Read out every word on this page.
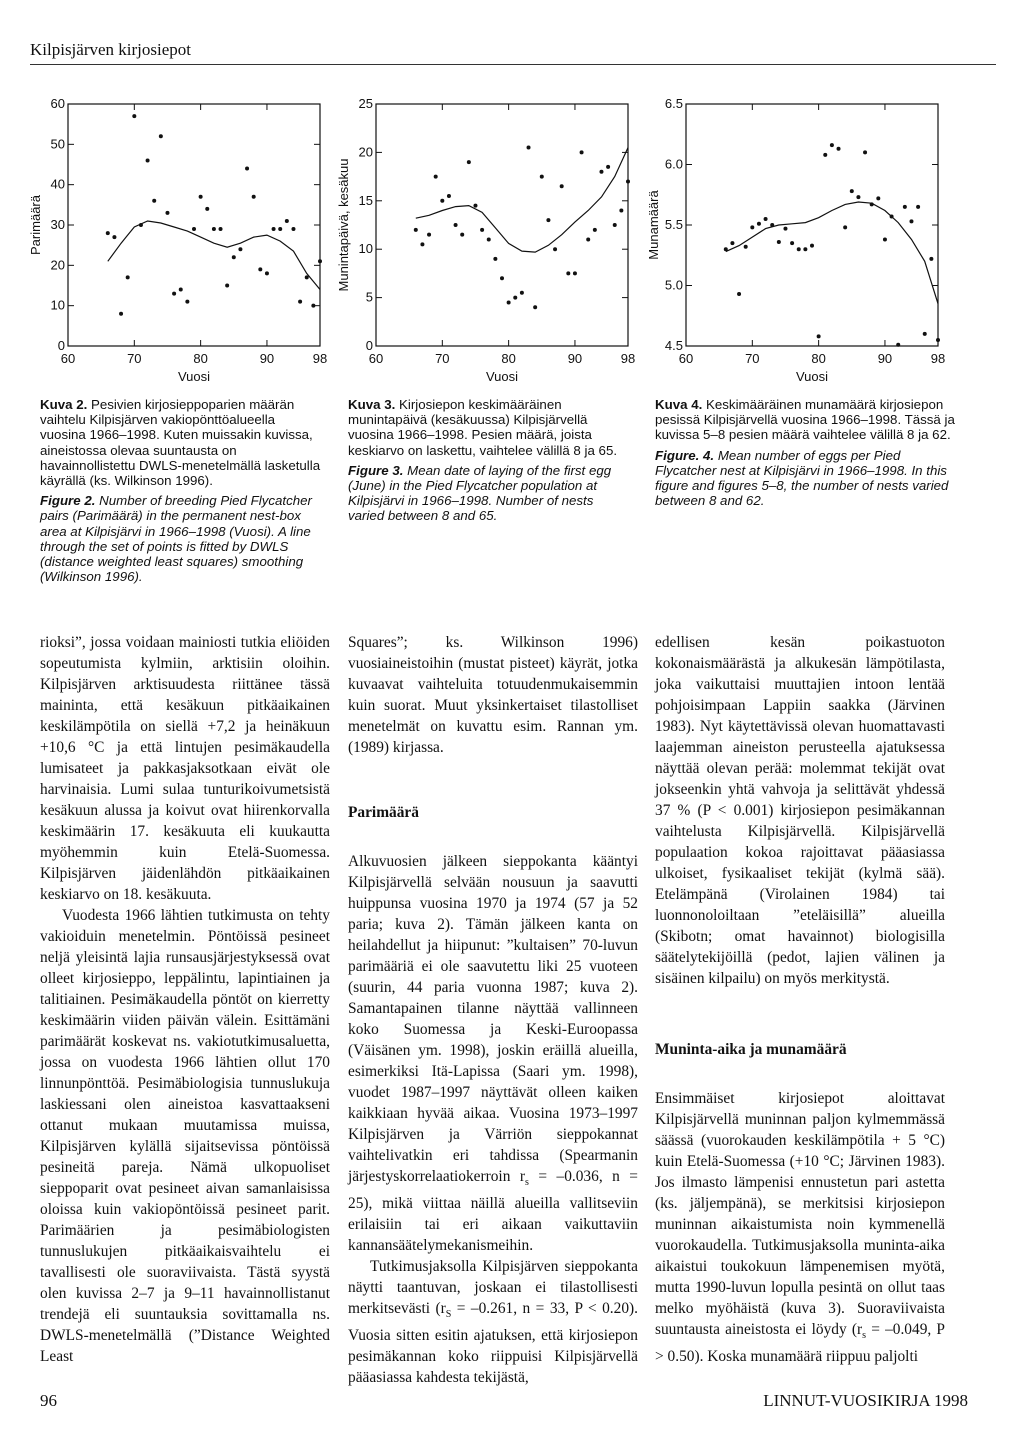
Kilpisjärven kirjosiepot
60	70	80	90	98
0
10
20
30
40
50
60
Vuosi
Parimäärä
60	70	80	90	98
0
5
10
15
20
25
Vuosi
Munintapäivä, kesäkuu
60	70	80	90	98
4.5
5.0
5.5
6.0
6.5
Vuosi
Munamäärä

Kuva 2. Pesivien kirjosieppoparien määrän vaihtelu Kilpisjärven vakiopönttöalueella vuosina 1966–1998. Kuten muissakin kuvissa, aineistossa olevaa suuntausta on havainnollistettu DWLS-menetelmällä lasketulla käyrällä (ks. Wilkinson 1996).

Figure 2. Number of breeding Pied Flycatcher pairs (Parimäärä) in the permanent nest-box area at Kilpisjärvi in 1966–1998 (Vuosi). A line through the set of points is fitted by DWLS (distance weighted least squares) smoothing (Wilkinson 1996).

Kuva 3. Kirjosiepon keskimääräinen munintapäivä (kesäkuussa) Kilpisjärvellä vuosina 1966–1998. Pesien määrä, joista keskiarvo on laskettu, vaihtelee välillä 8 ja 65.

Figure 3. Mean date of laying of the first egg (June) in the Pied Flycatcher population at Kilpisjärvi in 1966–1998. Number of nests varied between 8 and 65.

Kuva 4. Keskimääräinen munamäärä kirjosiepon pesissä Kilpisjärvellä vuosina 1966–1998. Tässä ja kuvissa 5–8 pesien määrä vaihtelee välillä 8 ja 62.

Figure. 4. Mean number of eggs per Pied Flycatcher nest at Kilpisjärvi in 1966–1998. In this figure and figures 5–8, the number of nests varied between 8 and 62.

rioksi”, jossa voidaan mainiosti tutkia eliöiden sopeutumista kylmiin, arktisiin oloihin. Kilpisjärven arktisuudesta riittänee tässä maininta, että kesäkuun pitkäaikainen keskilämpötila on siellä +7,2 ja heinäkuun +10,6 °C ja että lintujen pesimäkaudella lumisateet ja pakkasjaksotkaan eivät ole harvinaisia. Lumi sulaa tunturikoivumetsistä kesäkuun alussa ja koivut ovat hiirenkorvalla keskimäärin 17. kesäkuuta eli kuukautta myöhemmin kuin Etelä-Suomessa. Kilpisjärven jäidenlähdön pitkäaikainen keskiarvo on 18. kesäkuuta.

Vuodesta 1966 lähtien tutkimusta on tehty vakioiduin menetelmin. Pöntöissä pesineet neljä yleisintä lajia runsausjärjestyksessä ovat olleet kirjosieppo, leppälintu, lapintiainen ja talitiainen. Pesimäkaudella pöntöt on kierretty keskimäärin viiden päivän välein. Esittämäni parimäärät koskevat ns. vakiotutkimusaluetta, jossa on vuodesta 1966 lähtien ollut 170 linnunpönttöä. Pesimäbiologisia tunnuslukuja laskiessani olen aineistoa kasvattaakseni ottanut mukaan muutamissa muissa, Kilpisjärven kylällä sijaitsevissa pöntöissä pesineitä pareja. Nämä ulkopuoliset sieppoparit ovat pesineet aivan samanlaisissa oloissa kuin vakiopöntöissä pesineet parit. Parimäärien ja pesimäbiologisten tunnuslukujen pitkäaikaisvaihtelu ei tavallisesti ole suoraviivaista. Tästä syystä olen kuvissa 2–7 ja 9–11 havainnollistanut trendejä eli suuntauksia sovittamalla ns. DWLS-menetelmällä (”Distance Weighted Least

Squares”; ks. Wilkinson 1996) vuosiaineistoihin (mustat pisteet) käyrät, jotka kuvaavat vaihteluita totuudenmukaisemmin kuin suorat. Muut yksinkertaiset tilastolliset menetelmät on kuvattu esim. Rannan ym. (1989) kirjassa.

Parimäärä

Alkuvuosien jälkeen sieppokanta kääntyi Kilpisjärvellä selvään nousuun ja saavutti huippunsa vuosina 1970 ja 1974 (57 ja 52 paria; kuva 2). Tämän jälkeen kanta on heilahdellut ja hiipunut: ”kultaisen” 70-luvun parimääriä ei ole saavutettu liki 25 vuoteen (suurin, 44 paria vuonna 1987; kuva 2). Samantapainen tilanne näyttää vallinneen koko Suomessa ja Keski-Euroopassa (Väisänen ym. 1998), joskin eräillä alueilla, esimerkiksi Itä-Lapissa (Saari ym. 1998), vuodet 1987–1997 näyttävät olleen kaiken kaikkiaan hyvää aikaa. Vuosina 1973–1997 Kilpisjärven ja Värriön sieppokannat vaihtelivatkin eri tahdissa (Spearmanin järjestyskorrelaatiokerroin $r_s = -0.036$, n = 25), mikä viittaa näillä alueilla vallitseviin erilaisiin tai eri aikaan vaikuttaviin kannansäätelymekanismeihin.

Tutkimusjaksolla Kilpisjärven sieppokanta näytti taantuvan, joskaan ei tilastollisesti merkitsevästi ($r_S = -0.261$, n = 33, P < 0.20). Vuosia sitten esitin ajatuksen, että kirjosiepon pesimäkannan koko riippuisi Kilpisjärvellä pääasiassa kahdesta tekijästä,

edellisen kesän poikastuoton kokonaismäärästä ja alkukesän lämpötilasta, joka vaikuttaisi muuttajien intoon lentää pohjoisimpaan Lappiin saakka (Järvinen 1983). Nyt käytettävissä olevan huomattavasti laajemman aineiston perusteella ajatuksessa näyttää olevan perää: molemmat tekijät ovat jokseenkin yhtä vahvoja ja selittävät yhdessä 37 % (P < 0.001) kirjosiepon pesimäkannan vaihtelusta Kilpisjärvellä. Kilpisjärvellä populaation kokoa rajoittavat pääasiassa ulkoiset, fysikaaliset tekijät (kylmä sää). Etelämpänä (Virolainen 1984) tai luonnonoloiltaan ”eteläisillä” alueilla (Skibotn; omat havainnot) biologisilla säätelytekijöillä (pedot, lajien välinen ja sisäinen kilpailu) on myös merkitystä.

Muninta-aika ja munamäärä

Ensimmäiset kirjosiepot aloittavat Kilpisjärvellä muninnan paljon kylmemmässä säässä (vuorokauden keskilämpötila + 5 °C) kuin Etelä-Suomessa (+10 °C; Järvinen 1983). Jos ilmasto lämpenisi ennustetun pari astetta (ks. jäljempänä), se merkitsisi kirjosiepon muninnan aikaistumista noin kymmenellä vuorokaudella. Tutkimusjaksolla muninta-aika aikaistui toukokuun lämpenemisen myötä, mutta 1990-luvun lopulla pesintä on ollut taas melko myöhäistä (kuva 3). Suoraviivaista suuntausta aineistosta ei löydy ($r_s = -0.049$, P > 0.50). Koska munamäärä riippuu paljolti

96	LINNUT-VUOSIKIRJA 1998
